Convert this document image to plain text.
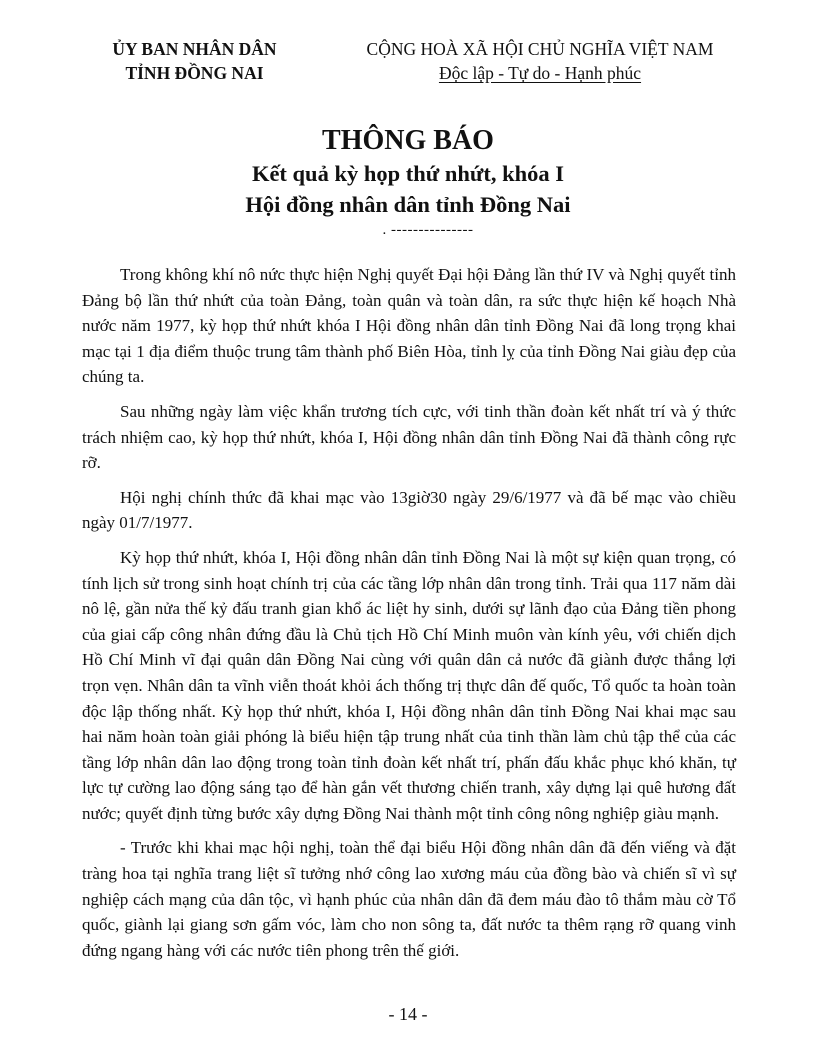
ỦY BAN NHÂN DÂN
TỈNH ĐỒNG NAI
CỘNG HOÀ XÃ HỘI CHỦ NGHĨA VIỆT NAM
Độc lập - Tự do - Hạnh phúc
THÔNG BÁO
Kết quả kỳ họp thứ nhứt, khóa I
Hội đồng nhân dân tỉnh Đồng Nai
. ---------------

Trong không khí nô nức thực hiện Nghị quyết Đại hội Đảng lần thứ IV và Nghị quyết tỉnh Đảng bộ lần thứ nhứt của toàn Đảng, toàn quân và toàn dân, ra sức thực hiện kế hoạch Nhà nước năm 1977, kỳ họp thứ nhứt khóa I Hội đồng nhân dân tỉnh Đồng Nai đã long trọng khai mạc tại 1 địa điểm thuộc trung tâm thành phố Biên Hòa, tỉnh lỵ của tỉnh Đồng Nai giàu đẹp của chúng ta.

Sau những ngày làm việc khẩn trương tích cực, với tinh thần đoàn kết nhất trí và ý thức trách nhiệm cao, kỳ họp thứ nhứt, khóa I, Hội đồng nhân dân tỉnh Đồng Nai đã thành công rực rỡ.

Hội nghị chính thức đã khai mạc vào 13giờ30 ngày 29/6/1977 và đã bế mạc vào chiều ngày 01/7/1977.

Kỳ họp thứ nhứt, khóa I, Hội đồng nhân dân tỉnh Đồng Nai là một sự kiện quan trọng, có tính lịch sử trong sinh hoạt chính trị của các tầng lớp nhân dân trong tỉnh. Trải qua 117 năm dài nô lệ, gần nửa thế kỷ đấu tranh gian khổ ác liệt hy sinh, dưới sự lãnh đạo của Đảng tiền phong của giai cấp công nhân đứng đầu là Chủ tịch Hồ Chí Minh muôn vàn kính yêu, với chiến dịch Hồ Chí Minh vĩ đại quân dân Đồng Nai cùng với quân dân cả nước đã giành được thắng lợi trọn vẹn. Nhân dân ta vĩnh viễn thoát khỏi ách thống trị thực dân đế quốc, Tổ quốc ta hoàn toàn độc lập thống nhất. Kỳ họp thứ nhứt, khóa I, Hội đồng nhân dân tỉnh Đồng Nai khai mạc sau hai năm hoàn toàn giải phóng là biểu hiện tập trung nhất của tinh thần làm chủ tập thể của các tầng lớp nhân dân lao động trong toàn tỉnh đoàn kết nhất trí, phấn đấu khắc phục khó khăn, tự lực tự cường lao động sáng tạo để hàn gắn vết thương chiến tranh, xây dựng lại quê hương đất nước; quyết định từng bước xây dựng Đồng Nai thành một tỉnh công nông nghiệp giàu mạnh.

- Trước khi khai mạc hội nghị, toàn thể đại biểu Hội đồng nhân dân đã đến viếng và đặt tràng hoa tại nghĩa trang liệt sĩ tưởng nhớ công lao xương máu của đồng bào và chiến sĩ vì sự nghiệp cách mạng của dân tộc, vì hạnh phúc của nhân dân đã đem máu đào tô thắm màu cờ Tổ quốc, giành lại giang sơn gấm vóc, làm cho non sông ta, đất nước ta thêm rạng rỡ quang vinh đứng ngang hàng với các nước tiên phong trên thế giới.

- 14 -
